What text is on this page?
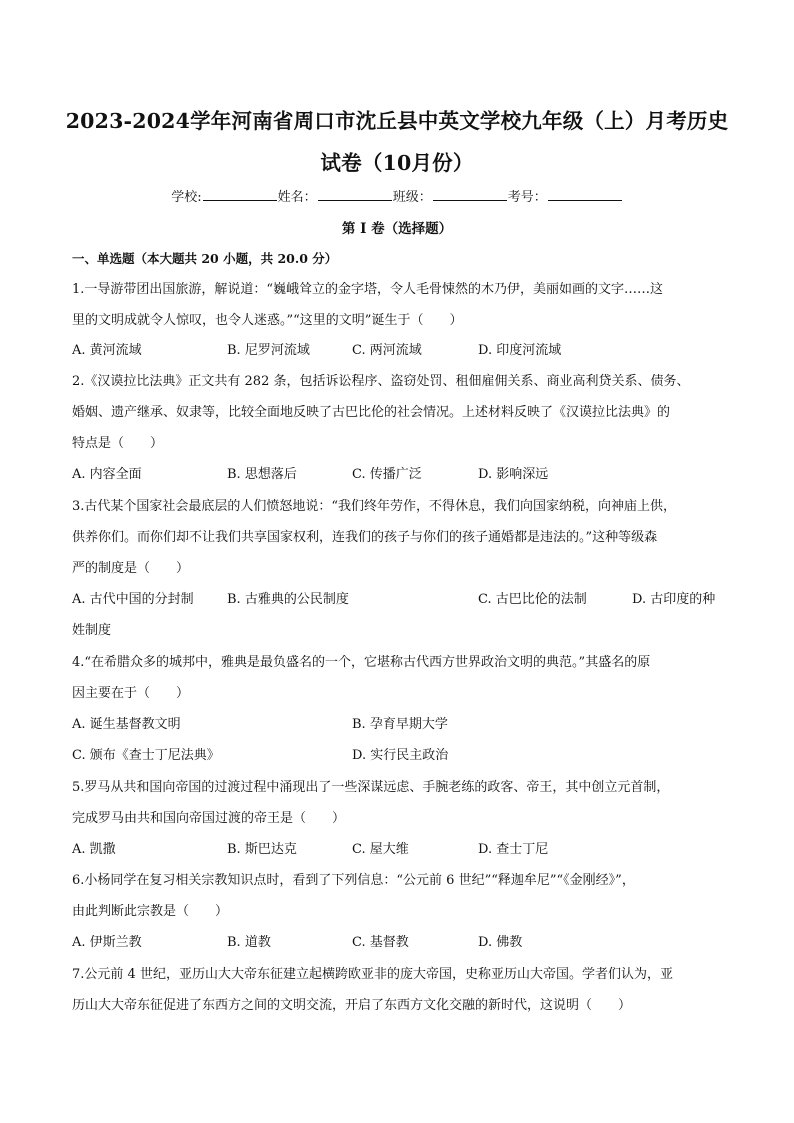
2023-2024学年河南省周口市沈丘县中英文学校九年级（上）月考历史
试卷（10月份）
学校:	姓名：	班级：	考号：
第 I 卷（选择题）
一、单选题（本大题共 20 小题，共 20.0 分）
1.一导游带团出国旅游，解说道：“巍峨耸立的金字塔，令人毛骨悚然的木乃伊，美丽如画的文字……这
里的文明成就令人惊叹，也令人迷惑。”“这里的文明”诞生于（　　）
A. 黄河流域	B. 尼罗河流域	C. 两河流域	D. 印度河流域
2.《汉谟拉比法典》正文共有 282 条，包括诉讼程序、盗窃处罚、租佃雇佣关系、商业高利贷关系、债务、
婚姻、遗产继承、奴隶等，比较全面地反映了古巴比伦的社会情况。上述材料反映了《汉谟拉比法典》的
特点是（　　）
A. 内容全面	B. 思想落后	C. 传播广泛	D. 影响深远
3.古代某个国家社会最底层的人们愤怒地说：“我们终年劳作，不得休息，我们向国家纳税，向神庙上供，
供养你们。而你们却不让我们共享国家权利，连我们的孩子与你们的孩子通婚都是违法的。”这种等级森
严的制度是（　　）
A. 古代中国的分封制	B. 古雅典的公民制度	C. 古巴比伦的法制	D. 古印度的种
姓制度
4.“在希腊众多的城邦中，雅典是最负盛名的一个，它堪称古代西方世界政治文明的典范。”其盛名的原
因主要在于（　　）
A. 诞生基督教文明	B. 孕育早期大学
C. 颁布《查士丁尼法典》	D. 实行民主政治
5.罗马从共和国向帝国的过渡过程中涌现出了一些深谋远虑、手腕老练的政客、帝王，其中创立元首制，
完成罗马由共和国向帝国过渡的帝王是（　　）
A. 凯撒	B. 斯巴达克	C. 屋大维	D. 查士丁尼
6.小杨同学在复习相关宗教知识点时，看到了下列信息：“公元前 6 世纪”“释迦牟尼”“《金刚经》”，
由此判断此宗教是（　　）
A. 伊斯兰教	B. 道教	C. 基督教	D. 佛教
7.公元前 4 世纪，亚历山大大帝东征建立起横跨欧亚非的庞大帝国，史称亚历山大帝国。学者们认为，亚
历山大大帝东征促进了东西方之间的文明交流，开启了东西方文化交融的新时代，这说明（　　）
